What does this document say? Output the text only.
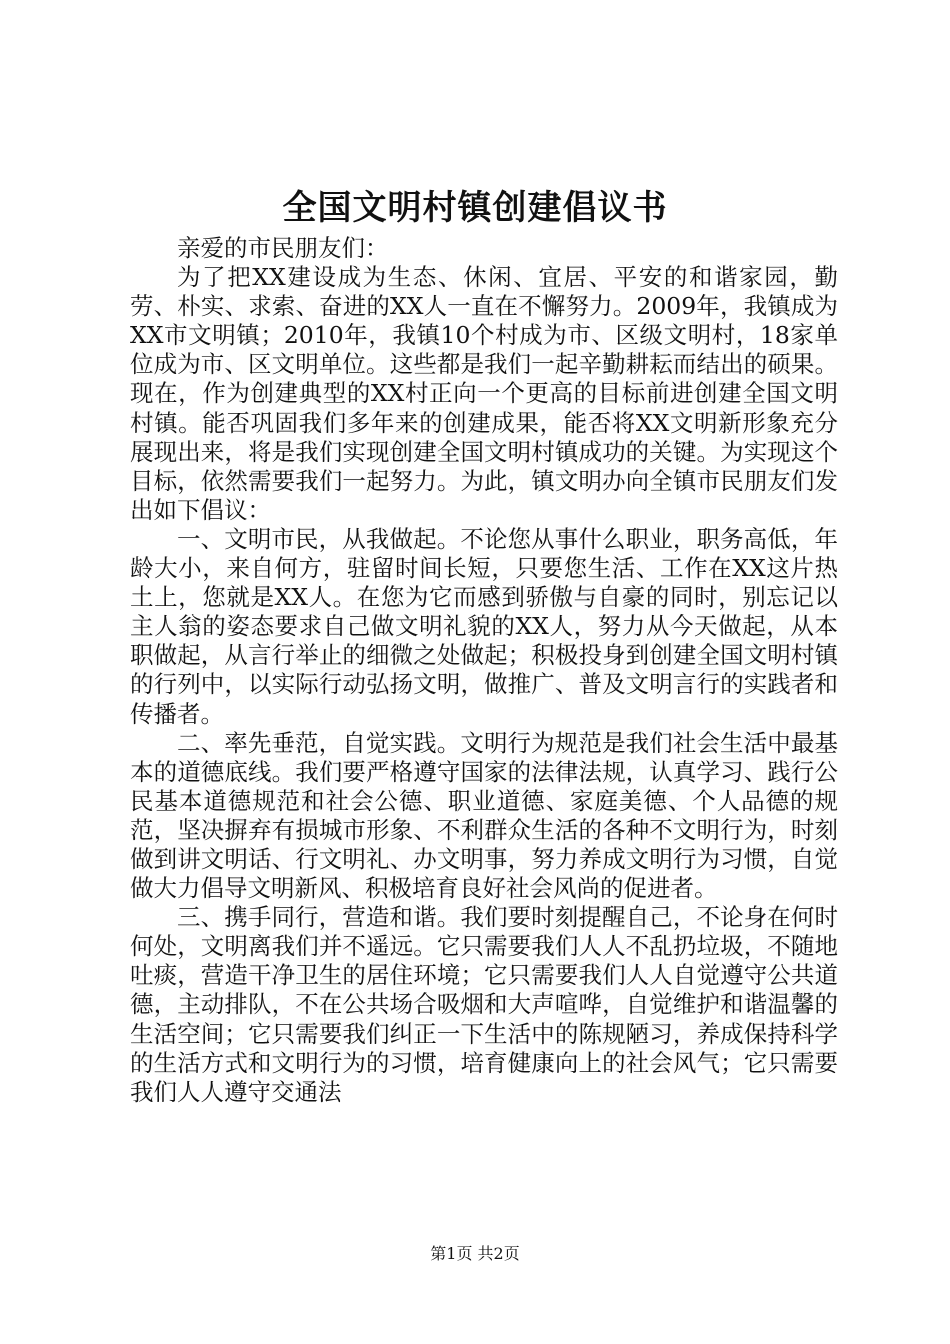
全国文明村镇创建倡议书

亲爱的市民朋友们：

为了把XX建设成为生态、休闲、宜居、平安的和谐家园，勤劳、朴实、求索、奋进的XX人一直在不懈努力。2009年，我镇成为XX市文明镇；2010年，我镇10个村成为市、区级文明村，18家单位成为市、区文明单位。这些都是我们一起辛勤耕耘而结出的硕果。现在，作为创建典型的XX村正向一个更高的目标前进创建全国文明村镇。能否巩固我们多年来的创建成果，能否将XX文明新形象充分展现出来，将是我们实现创建全国文明村镇成功的关键。为实现这个目标，依然需要我们一起努力。为此，镇文明办向全镇市民朋友们发出如下倡议：

一、文明市民，从我做起。不论您从事什么职业，职务高低，年龄大小，来自何方，驻留时间长短，只要您生活、工作在XX这片热土上，您就是XX人。在您为它而感到骄傲与自豪的同时，别忘记以主人翁的姿态要求自己做文明礼貌的XX人，努力从今天做起，从本职做起，从言行举止的细微之处做起；积极投身到创建全国文明村镇的行列中，以实际行动弘扬文明，做推广、普及文明言行的实践者和传播者。

二、率先垂范，自觉实践。文明行为规范是我们社会生活中最基本的道德底线。我们要严格遵守国家的法律法规，认真学习、践行公民基本道德规范和社会公德、职业道德、家庭美德、个人品德的规范，坚决摒弃有损城市形象、不利群众生活的各种不文明行为，时刻做到讲文明话、行文明礼、办文明事，努力养成文明行为习惯，自觉做大力倡导文明新风、积极培育良好社会风尚的促进者。

三、携手同行，营造和谐。我们要时刻提醒自己，不论身在何时何处，文明离我们并不遥远。它只需要我们人人不乱扔垃圾，不随地吐痰，营造干净卫生的居住环境；它只需要我们人人自觉遵守公共道德，主动排队，不在公共场合吸烟和大声喧哗，自觉维护和谐温馨的生活空间；它只需要我们纠正一下生活中的陈规陋习，养成保持科学的生活方式和文明行为的习惯，培育健康向上的社会风气；它只需要我们人人遵守交通法

第1页 共2页
